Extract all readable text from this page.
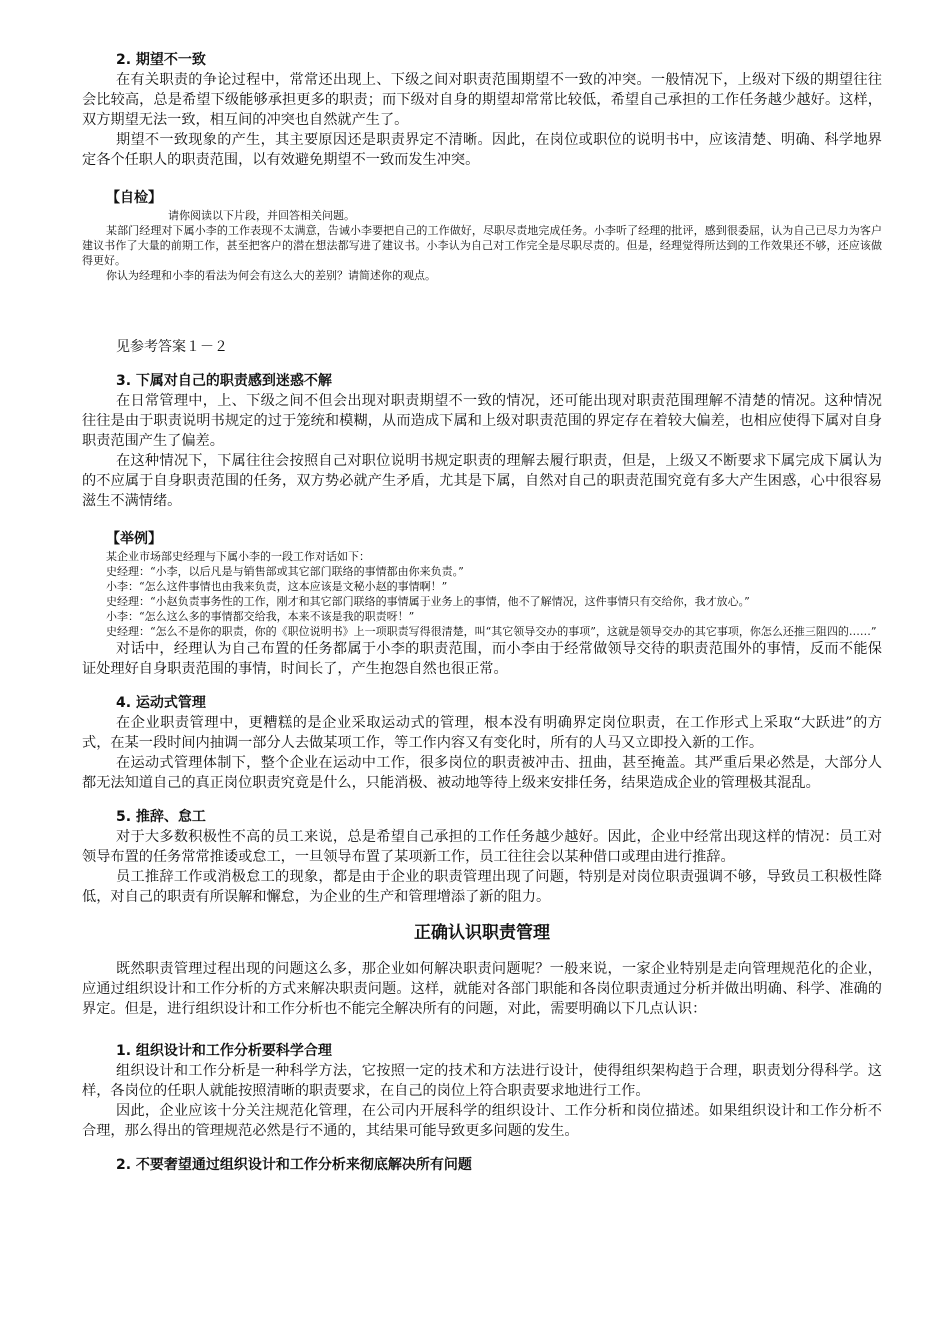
2. 期望不一致

在有关职责的争论过程中，常常还出现上、下级之间对职责范围期望不一致的冲突。一般情况下，上级对下级的期望往往会比较高，总是希望下级能够承担更多的职责；而下级对自身的期望却常常比较低，希望自己承担的工作任务越少越好。这样，双方期望无法一致，相互间的冲突也自然就产生了。

期望不一致现象的产生，其主要原因还是职责界定不清晰。因此，在岗位或职位的说明书中，应该清楚、明确、科学地界定各个任职人的职责范围，以有效避免期望不一致而发生冲突。

【自检】

请你阅读以下片段，并回答相关问题。

某部门经理对下属小李的工作表现不太满意，告诫小李要把自己的工作做好，尽职尽责地完成任务。小李听了经理的批评，感到很委屈，认为自己已尽力为客户建议书作了大量的前期工作，甚至把客户的潜在想法都写进了建议书。小李认为自己对工作完全是尽职尽责的。但是，经理觉得所达到的工作效果还不够，还应该做得更好。

你认为经理和小李的看法为何会有这么大的差别？请简述你的观点。

见参考答案１－２

3. 下属对自己的职责感到迷惑不解

在日常管理中，上、下级之间不但会出现对职责期望不一致的情况，还可能出现对职责范围理解不清楚的情况。这种情况往往是由于职责说明书规定的过于笼统和模糊，从而造成下属和上级对职责范围的界定存在着较大偏差，也相应使得下属对自身职责范围产生了偏差。

在这种情况下，下属往往会按照自己对职位说明书规定职责的理解去履行职责，但是，上级又不断要求下属完成下属认为的不应属于自身职责范围的任务，双方势必就产生矛盾，尤其是下属，自然对自己的职责范围究竟有多大产生困惑，心中很容易滋生不满情绪。

【举例】

某企业市场部史经理与下属小李的一段工作对话如下：

史经理：“小李，以后凡是与销售部或其它部门联络的事情都由你来负责。”

小李：“怎么这件事情也由我来负责，这本应该是文秘小赵的事情啊！”

史经理：“小赵负责事务性的工作，刚才和其它部门联络的事情属于业务上的事情，他不了解情况，这件事情只有交给你，我才放心。”

小李：“怎么这么多的事情都交给我，本来不该是我的职责呀！”

史经理：“怎么不是你的职责，你的《职位说明书》上一项职责写得很清楚，叫“其它领导交办的事项”，这就是领导交办的其它事项，你怎么还推三阻四的……”

对话中，经理认为自己布置的任务都属于小李的职责范围，而小李由于经常做领导交待的职责范围外的事情，反而不能保证处理好自身职责范围的事情，时间长了，产生抱怨自然也很正常。

4. 运动式管理

在企业职责管理中，更糟糕的是企业采取运动式的管理，根本没有明确界定岗位职责，在工作形式上采取“大跃进”的方式，在某一段时间内抽调一部分人去做某项工作，等工作内容又有变化时，所有的人马又立即投入新的工作。

在运动式管理体制下，整个企业在运动中工作，很多岗位的职责被冲击、扭曲，甚至掩盖。其严重后果必然是，大部分人都无法知道自己的真正岗位职责究竟是什么，只能消极、被动地等待上级来安排任务，结果造成企业的管理极其混乱。

5. 推辞、怠工

对于大多数积极性不高的员工来说，总是希望自己承担的工作任务越少越好。因此，企业中经常出现这样的情况：员工对领导布置的任务常常推诿或怠工，一旦领导布置了某项新工作，员工往往会以某种借口或理由进行推辞。

员工推辞工作或消极怠工的现象，都是由于企业的职责管理出现了问题，特别是对岗位职责强调不够，导致员工积极性降低，对自己的职责有所误解和懈怠，为企业的生产和管理增添了新的阻力。

正确认识职责管理

既然职责管理过程出现的问题这么多，那企业如何解决职责问题呢？一般来说，一家企业特别是走向管理规范化的企业，应通过组织设计和工作分析的方式来解决职责问题。这样，就能对各部门职能和各岗位职责通过分析并做出明确、科学、准确的界定。但是，进行组织设计和工作分析也不能完全解决所有的问题，对此，需要明确以下几点认识：

1. 组织设计和工作分析要科学合理

组织设计和工作分析是一种科学方法，它按照一定的技术和方法进行设计，使得组织架构趋于合理，职责划分得科学。这样，各岗位的任职人就能按照清晰的职责要求，在自己的岗位上符合职责要求地进行工作。

因此，企业应该十分关注规范化管理，在公司内开展科学的组织设计、工作分析和岗位描述。如果组织设计和工作分析不合理，那么得出的管理规范必然是行不通的，其结果可能导致更多问题的发生。

2. 不要奢望通过组织设计和工作分析来彻底解决所有问题
